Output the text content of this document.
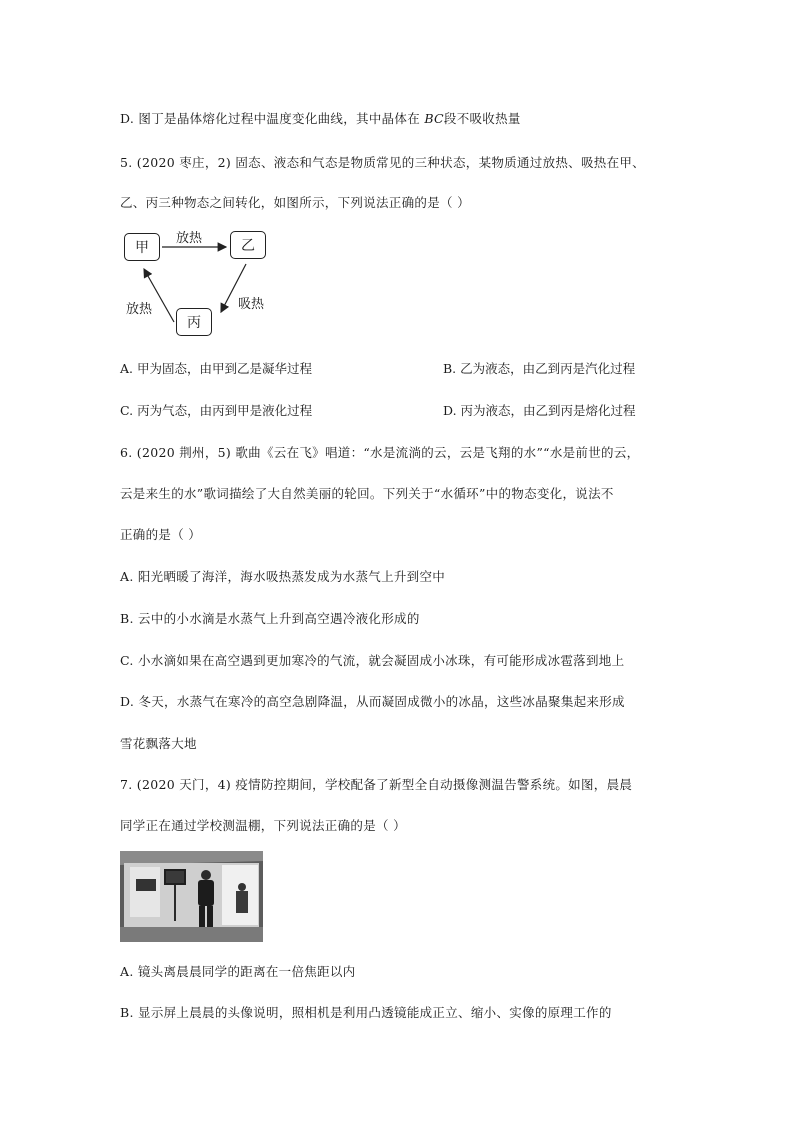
D. 图丁是晶体熔化过程中温度变化曲线，其中晶体在 BC段不吸收热量
5. (2020 枣庄，2) 固态、液态和气态是物质常见的三种状态，某物质通过放热、吸热在甲、
乙、丙三种物态之间转化，如图所示，下列说法正确的是（ ）
甲	乙
丙
放热
吸热
放热
A. 甲为固态，由甲到乙是凝华过程	B. 乙为液态，由乙到丙是汽化过程
C. 丙为气态，由丙到甲是液化过程	D. 丙为液态，由乙到丙是熔化过程
6. (2020 荆州，5) 歌曲《云在飞》唱道：“水是流淌的云，云是飞翔的水”“水是前世的云，
云是来生的水”歌词描绘了大自然美丽的轮回。下列关于“水循环”中的物态变化，说法不
正确的是（ ）
A. 阳光晒暖了海洋，海水吸热蒸发成为水蒸气上升到空中
B. 云中的小水滴是水蒸气上升到高空遇冷液化形成的
C. 小水滴如果在高空遇到更加寒冷的气流，就会凝固成小冰珠，有可能形成冰雹落到地上
D. 冬天，水蒸气在寒冷的高空急剧降温，从而凝固成微小的冰晶，这些冰晶聚集起来形成
雪花飘落大地
7. (2020 天门，4) 疫情防控期间，学校配备了新型全自动摄像测温告警系统。如图，晨晨
同学正在通过学校测温棚，下列说法正确的是（ ）
A. 镜头离晨晨同学的距离在一倍焦距以内
B. 显示屏上晨晨的头像说明，照相机是利用凸透镜能成正立、缩小、实像的原理工作的
